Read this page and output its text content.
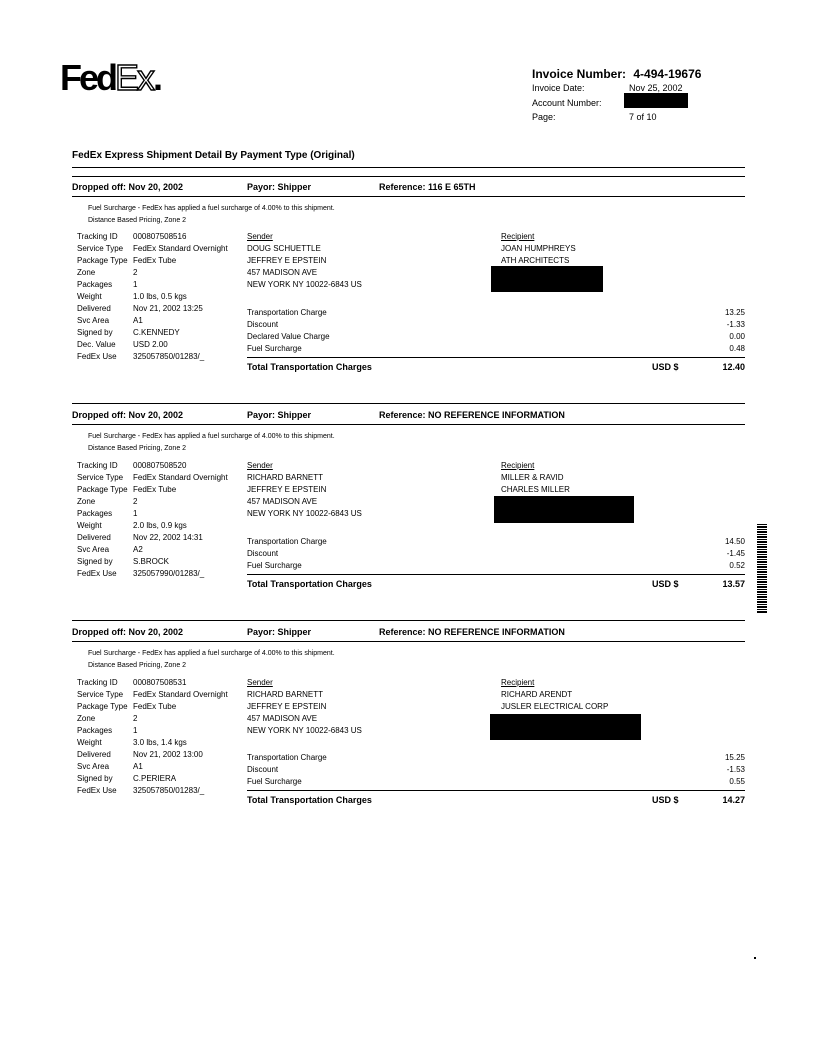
FedEx.	Invoice Number: 4-494-19676
Invoice Date:	Nov 25, 2002
Account Number:
Page:	7 of 10
FedEx Express Shipment Detail By Payment Type (Original)
Dropped off: Nov 20, 2002	Payor: Shipper	Reference: 116 E 65TH
Fuel Surcharge - FedEx has applied a fuel surcharge of 4.00% to this shipment.
Distance Based Pricing, Zone 2
Tracking ID 000807508516
Service Type FedEx Standard Overnight
Package Type FedEx Tube
Zone	2
Packages	1
Weight	1.0 lbs, 0.5 kgs
Delivered	Nov 21, 2002 13:25
Svc Area	A1
Signed by	C.KENNEDY
Dec. Value USD 2.00
FedEx Use 325057850/01283/_
Sender
DOUG SCHUETTLE
JEFFREY E EPSTEIN
457 MADISON AVE
NEW YORK NY 10022-6843 US
Recipient
JOAN HUMPHREYS
ATH ARCHITECTS
Transportation Charge	13.25
Discount	-1.33
Declared Value Charge	0.00
Fuel Surcharge	0.48
Total Transportation Charges	USD $	12.40
Dropped off: Nov 20, 2002	Payor: Shipper	Reference: NO REFERENCE INFORMATION
Fuel Surcharge - FedEx has applied a fuel surcharge of 4.00% to this shipment.
Distance Based Pricing, Zone 2
Tracking ID 000807508520
Service Type FedEx Standard Overnight
Package Type FedEx Tube
Zone	2
Packages	1
Weight	2.0 lbs, 0.9 kgs
Delivered	Nov 22, 2002 14:31
Svc Area	A2
Signed by	S.BROCK
FedEx Use 325057990/01283/_
Sender
RICHARD BARNETT
JEFFREY E EPSTEIN
457 MADISON AVE
NEW YORK NY 10022-6843 US
Recipient
MILLER & RAVID
CHARLES MILLER
Transportation Charge	14.50
Discount	-1.45
Fuel Surcharge	0.52
Total Transportation Charges	USD $	13.57
Dropped off: Nov 20, 2002	Payor: Shipper	Reference: NO REFERENCE INFORMATION
Fuel Surcharge - FedEx has applied a fuel surcharge of 4.00% to this shipment.
Distance Based Pricing, Zone 2
Tracking ID 000807508531
Service Type FedEx Standard Overnight
Package Type FedEx Tube
Zone	2
Packages	1
Weight	3.0 lbs, 1.4 kgs
Delivered	Nov 21, 2002 13:00
Svc Area	A1
Signed by	C.PERIERA
FedEx Use 325057850/01283/_
Sender
RICHARD BARNETT
JEFFREY E EPSTEIN
457 MADISON AVE
NEW YORK NY 10022-6843 US
Recipient
RICHARD ARENDT
JUSLER ELECTRICAL CORP
Transportation Charge	15.25
Discount	-1.53
Fuel Surcharge	0.55
Total Transportation Charges	USD $	14.27
